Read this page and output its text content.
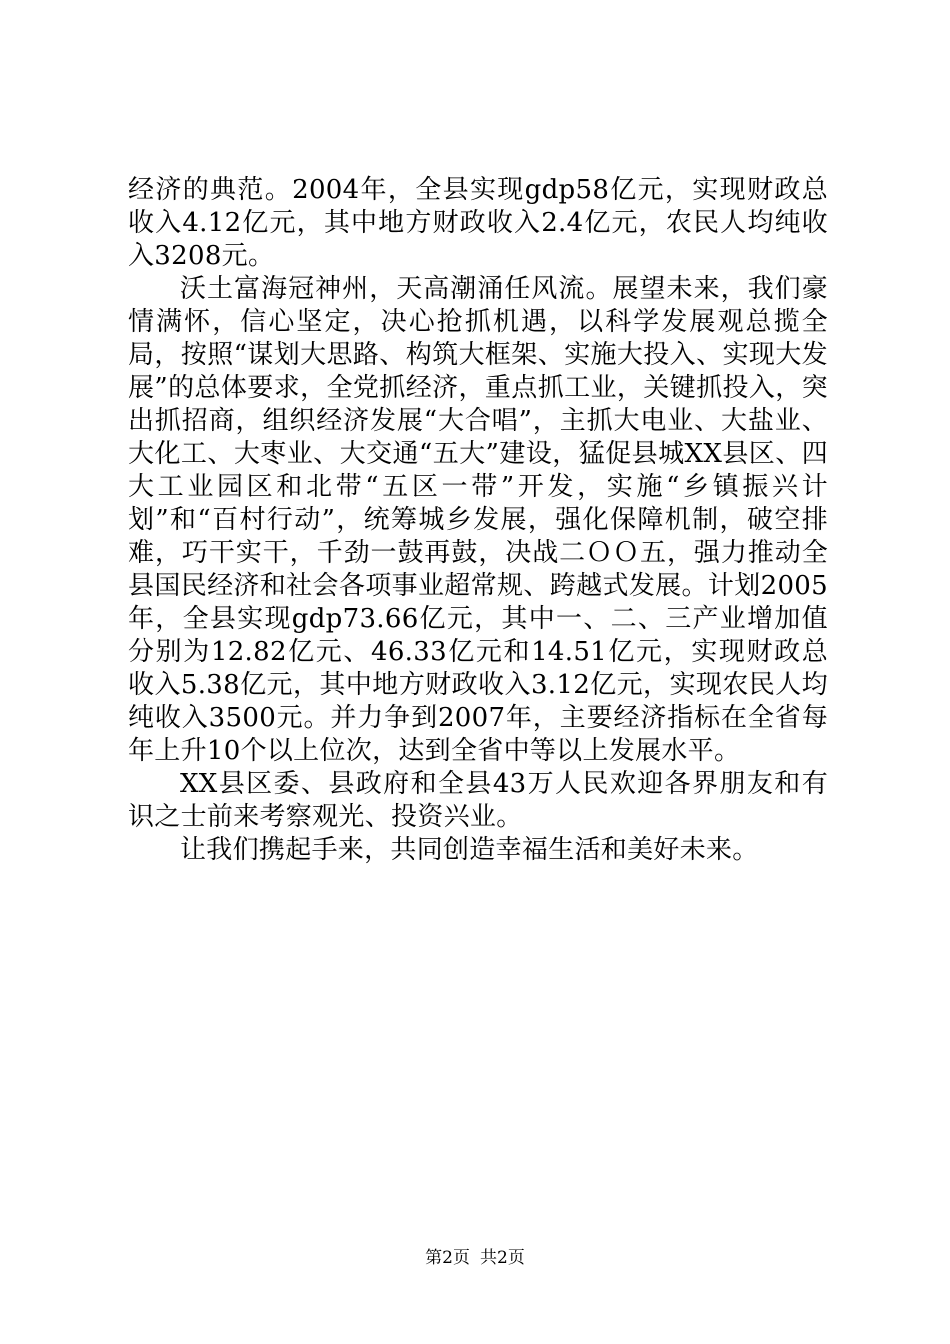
经济的典范。2004年，全县实现gdp58亿元，实现财政总收入4.12亿元，其中地方财政收入2.4亿元，农民人均纯收入3208元。

沃土富海冠神州，天高潮涌任风流。展望未来，我们豪情满怀，信心坚定，决心抢抓机遇，以科学发展观总揽全局，按照“谋划大思路、构筑大框架、实施大投入、实现大发展”的总体要求，全党抓经济，重点抓工业，关键抓投入，突出抓招商，组织经济发展“大合唱”，主抓大电业、大盐业、大化工、大枣业、大交通“五大”建设，猛促县城XX县区、四大工业园区和北带“五区一带”开发，实施“乡镇振兴计划”和“百村行动”，统筹城乡发展，强化保障机制，破空排难，巧干实干，千劲一鼓再鼓，决战二ＯＯ五，强力推动全县国民经济和社会各项事业超常规、跨越式发展。计划2005年，全县实现gdp73.66亿元，其中一、二、三产业增加值分别为12.82亿元、46.33亿元和14.51亿元，实现财政总收入5.38亿元，其中地方财政收入3.12亿元，实现农民人均纯收入3500元。并力争到2007年，主要经济指标在全省每年上升10个以上位次，达到全省中等以上发展水平。

XX县区委、县政府和全县43万人民欢迎各界朋友和有识之士前来考察观光、投资兴业。

让我们携起手来，共同创造幸福生活和美好未来。

第2页 共2页
